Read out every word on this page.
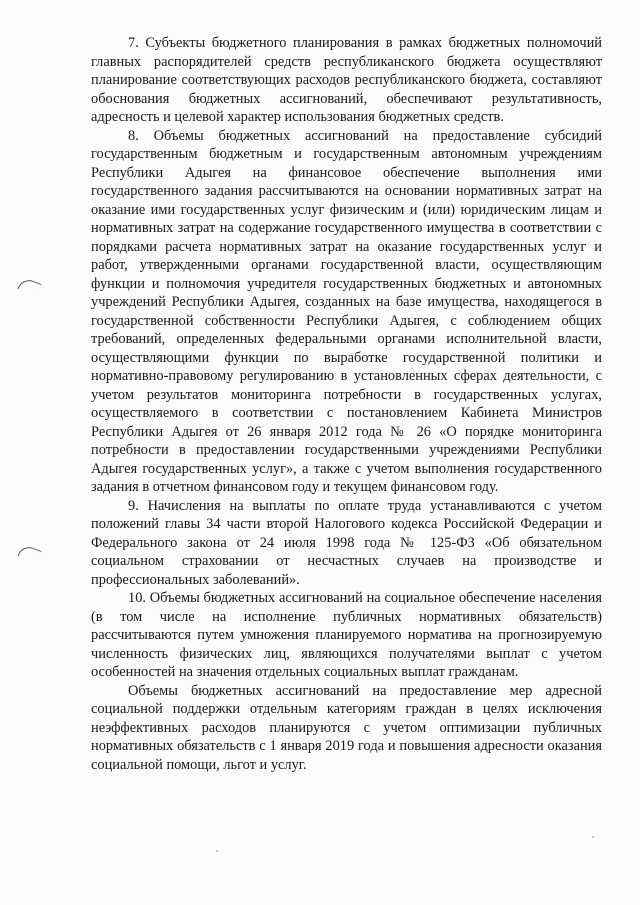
7. Субъекты бюджетного планирования в рамках бюджетных полномочий главных распорядителей средств республиканского бюджета осуществляют планирование соответствующих расходов республиканского бюджета, составляют обоснования бюджетных ассигнований, обеспечивают результативность, адресность и целевой характер использования бюджетных средств.

8. Объемы бюджетных ассигнований на предоставление субсидий государственным бюджетным и государственным автономным учреждениям Республики Адыгея на финансовое обеспечение выполнения ими государственного задания рассчитываются на основании нормативных затрат на оказание ими государственных услуг физическим и (или) юридическим лицам и нормативных затрат на содержание государственного имущества в соответствии с порядками расчета нормативных затрат на оказание государственных услуг и работ, утвержденными органами государственной власти, осуществляющим функции и полномочия учредителя государственных бюджетных и автономных учреждений Республики Адыгея, созданных на базе имущества, находящегося в государственной собственности Республики Адыгея, с соблюдением общих требований, определенных федеральными органами исполнительной власти, осуществляющими функции по выработке государственной политики и нормативно-правовому регулированию в установленных сферах деятельности, с учетом результатов мониторинга потребности в государственных услугах, осуществляемого в соответствии с постановлением Кабинета Министров Республики Адыгея от 26 января 2012 года № 26 «О порядке мониторинга потребности в предоставлении государственными учреждениями Республики Адыгея государственных услуг», а также с учетом выполнения государственного задания в отчетном финансовом году и текущем финансовом году.

9. Начисления на выплаты по оплате труда устанавливаются с учетом положений главы 34 части второй Налогового кодекса Российской Федерации и Федерального закона от 24 июля 1998 года № 125-ФЗ «Об обязательном социальном страховании от несчастных случаев на производстве и профессиональных заболеваний».

10. Объемы бюджетных ассигнований на социальное обеспечение населения (в том числе на исполнение публичных нормативных обязательств) рассчитываются путем умножения планируемого норматива на прогнозируемую численность физических лиц, являющихся получателями выплат с учетом особенностей на значения отдельных социальных выплат гражданам.

Объемы бюджетных ассигнований на предоставление мер адресной социальной поддержки отдельным категориям граждан в целях исключения неэффективных расходов планируются с учетом оптимизации публичных нормативных обязательств с 1 января 2019 года и повышения адресности оказания социальной помощи, льгот и услуг.
